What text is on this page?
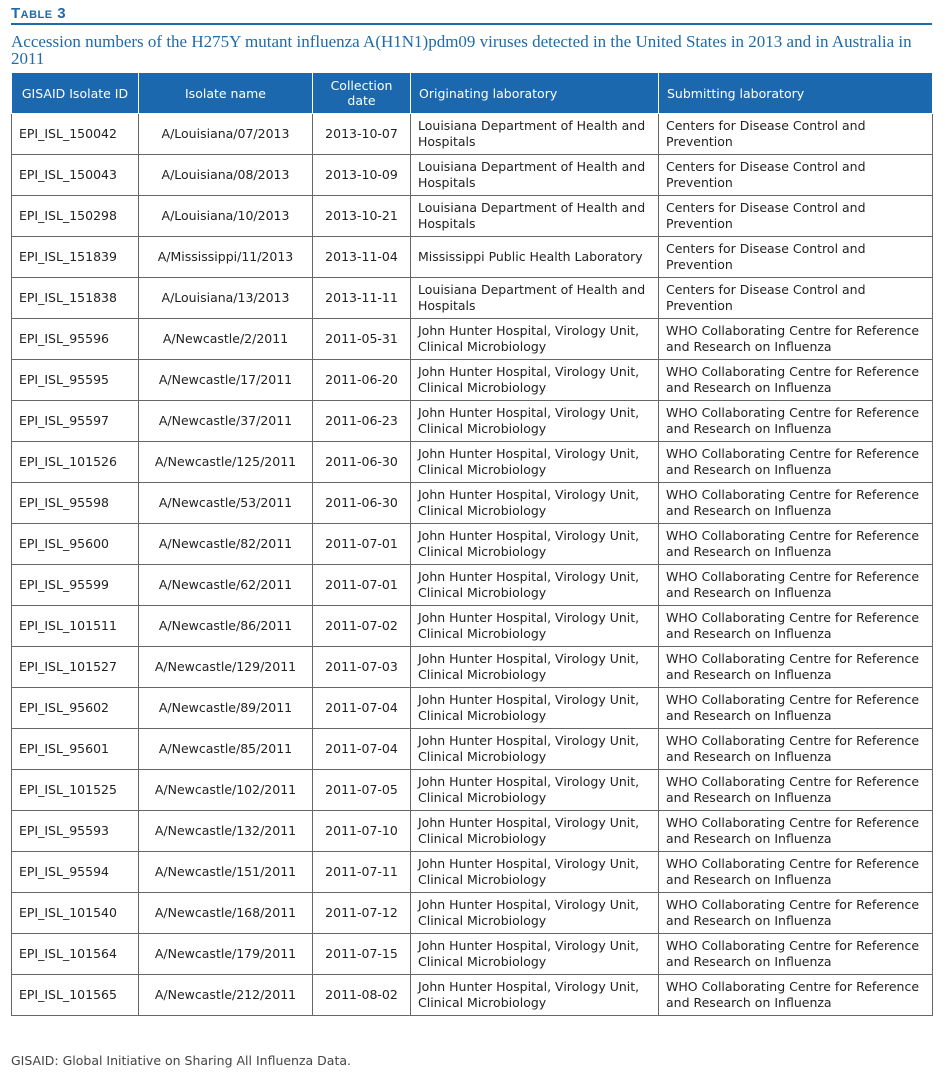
Table 3
Accession numbers of the H275Y mutant influenza A(H1N1)pdm09 viruses detected in the United States in 2013 and in Australia in 2011
GISAID Isolate ID	Isolate name	Collection date	Originating laboratory	Submitting laboratory
EPI_ISL_150042	A/Louisiana/07/2013	2013-10-07	Louisiana Department of Health and Hospitals	Centers for Disease Control and Prevention
EPI_ISL_150043	A/Louisiana/08/2013	2013-10-09	Louisiana Department of Health and Hospitals	Centers for Disease Control and Prevention
EPI_ISL_150298	A/Louisiana/10/2013	2013-10-21	Louisiana Department of Health and Hospitals	Centers for Disease Control and Prevention
EPI_ISL_151839	A/Mississippi/11/2013	2013-11-04	Mississippi Public Health Laboratory	Centers for Disease Control and Prevention
EPI_ISL_151838	A/Louisiana/13/2013	2013-11-11	Louisiana Department of Health and Hospitals	Centers for Disease Control and Prevention
EPI_ISL_95596	A/Newcastle/2/2011	2011-05-31	John Hunter Hospital, Virology Unit, Clinical Microbiology	WHO Collaborating Centre for Reference and Research on Influenza
EPI_ISL_95595	A/Newcastle/17/2011	2011-06-20	John Hunter Hospital, Virology Unit, Clinical Microbiology	WHO Collaborating Centre for Reference and Research on Influenza
EPI_ISL_95597	A/Newcastle/37/2011	2011-06-23	John Hunter Hospital, Virology Unit, Clinical Microbiology	WHO Collaborating Centre for Reference and Research on Influenza
EPI_ISL_101526	A/Newcastle/125/2011	2011-06-30	John Hunter Hospital, Virology Unit, Clinical Microbiology	WHO Collaborating Centre for Reference and Research on Influenza
EPI_ISL_95598	A/Newcastle/53/2011	2011-06-30	John Hunter Hospital, Virology Unit, Clinical Microbiology	WHO Collaborating Centre for Reference and Research on Influenza
EPI_ISL_95600	A/Newcastle/82/2011	2011-07-01	John Hunter Hospital, Virology Unit, Clinical Microbiology	WHO Collaborating Centre for Reference and Research on Influenza
EPI_ISL_95599	A/Newcastle/62/2011	2011-07-01	John Hunter Hospital, Virology Unit, Clinical Microbiology	WHO Collaborating Centre for Reference and Research on Influenza
EPI_ISL_101511	A/Newcastle/86/2011	2011-07-02	John Hunter Hospital, Virology Unit, Clinical Microbiology	WHO Collaborating Centre for Reference and Research on Influenza
EPI_ISL_101527	A/Newcastle/129/2011	2011-07-03	John Hunter Hospital, Virology Unit, Clinical Microbiology	WHO Collaborating Centre for Reference and Research on Influenza
EPI_ISL_95602	A/Newcastle/89/2011	2011-07-04	John Hunter Hospital, Virology Unit, Clinical Microbiology	WHO Collaborating Centre for Reference and Research on Influenza
EPI_ISL_95601	A/Newcastle/85/2011	2011-07-04	John Hunter Hospital, Virology Unit, Clinical Microbiology	WHO Collaborating Centre for Reference and Research on Influenza
EPI_ISL_101525	A/Newcastle/102/2011	2011-07-05	John Hunter Hospital, Virology Unit, Clinical Microbiology	WHO Collaborating Centre for Reference and Research on Influenza
EPI_ISL_95593	A/Newcastle/132/2011	2011-07-10	John Hunter Hospital, Virology Unit, Clinical Microbiology	WHO Collaborating Centre for Reference and Research on Influenza
EPI_ISL_95594	A/Newcastle/151/2011	2011-07-11	John Hunter Hospital, Virology Unit, Clinical Microbiology	WHO Collaborating Centre for Reference and Research on Influenza
EPI_ISL_101540	A/Newcastle/168/2011	2011-07-12	John Hunter Hospital, Virology Unit, Clinical Microbiology	WHO Collaborating Centre for Reference and Research on Influenza
EPI_ISL_101564	A/Newcastle/179/2011	2011-07-15	John Hunter Hospital, Virology Unit, Clinical Microbiology	WHO Collaborating Centre for Reference and Research on Influenza
EPI_ISL_101565	A/Newcastle/212/2011	2011-08-02	John Hunter Hospital, Virology Unit, Clinical Microbiology	WHO Collaborating Centre for Reference and Research on Influenza
GISAID: Global Initiative on Sharing All Influenza Data.
